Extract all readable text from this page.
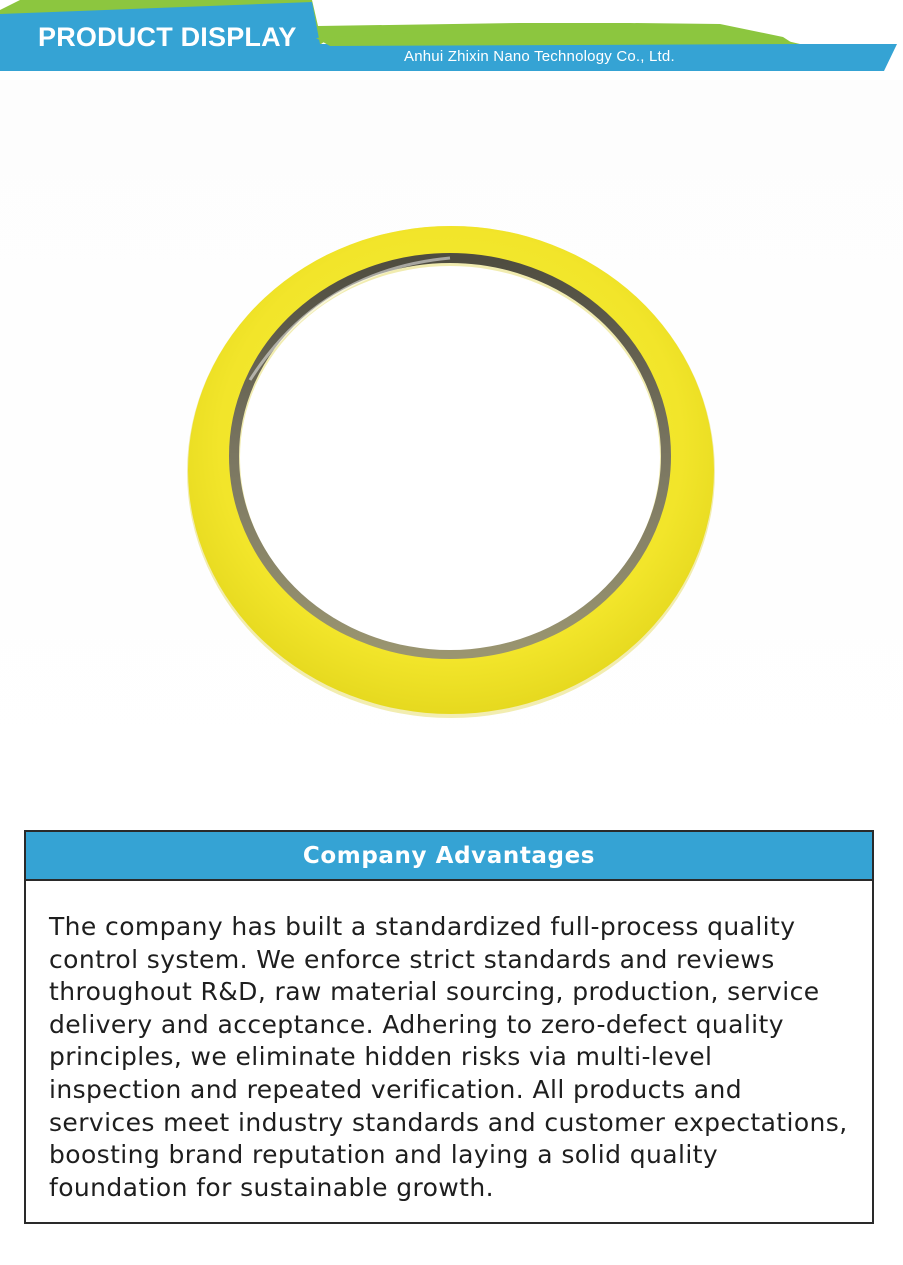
PRODUCT DISPLAY
Anhui Zhixin Nano Technology Co., Ltd.
Company Advantages

The company has built a standardized full-process quality control system. We enforce strict standards and reviews throughout R&D, raw material sourcing, production, service delivery and acceptance. Adhering to zero-defect quality principles, we eliminate hidden risks via multi-level inspection and repeated verification. All products and services meet industry standards and customer expectations, boosting brand reputation and laying a solid quality foundation for sustainable growth.
